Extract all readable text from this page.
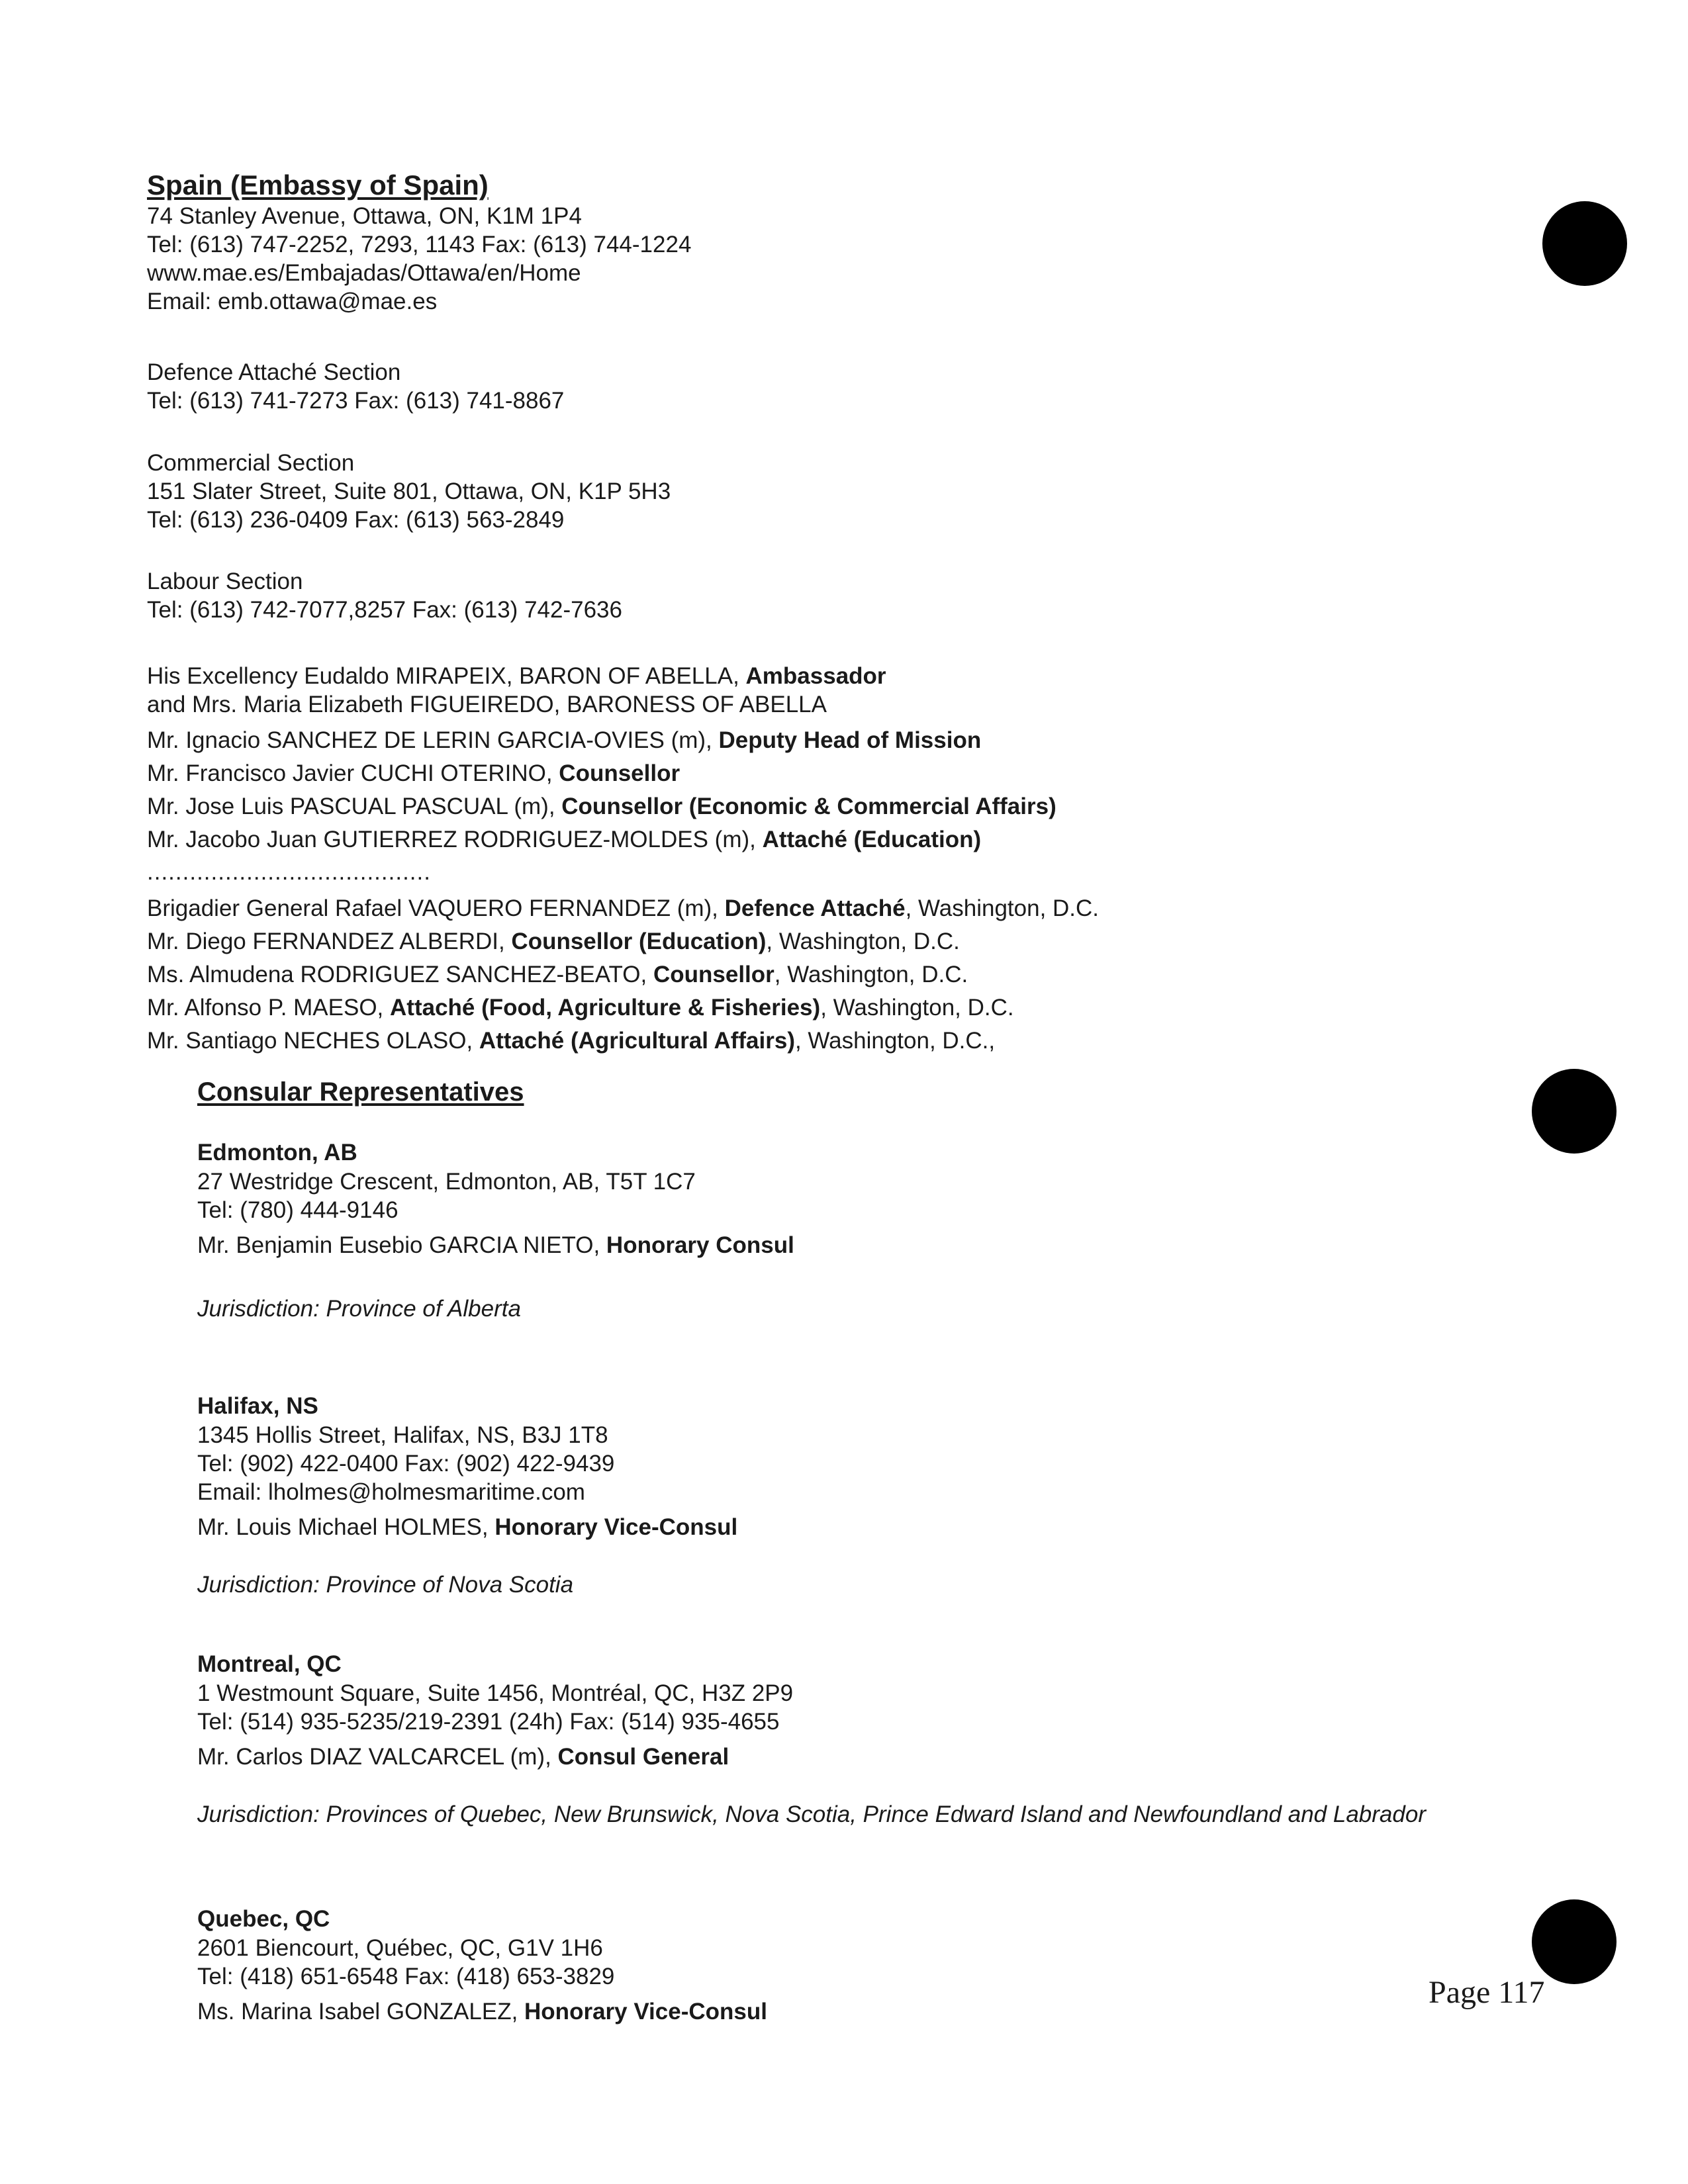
Spain (Embassy of Spain)
74 Stanley Avenue, Ottawa, ON, K1M 1P4
Tel: (613) 747-2252, 7293, 1143 Fax: (613) 744-1224
www.mae.es/Embajadas/Ottawa/en/Home
Email: emb.ottawa@mae.es
Defence Attaché Section
Tel: (613) 741-7273 Fax: (613) 741-8867
Commercial Section
151 Slater Street, Suite 801, Ottawa, ON, K1P 5H3
Tel: (613) 236-0409 Fax: (613) 563-2849
Labour Section
Tel: (613) 742-7077,8257 Fax: (613) 742-7636
His Excellency Eudaldo MIRAPEIX, BARON OF ABELLA, Ambassador
and Mrs. Maria Elizabeth FIGUEIREDO, BARONESS OF ABELLA
Mr. Ignacio SANCHEZ DE LERIN GARCIA-OVIES (m), Deputy Head of Mission
Mr. Francisco Javier CUCHI OTERINO, Counsellor
Mr. Jose Luis PASCUAL PASCUAL (m), Counsellor (Economic & Commercial Affairs)
Mr. Jacobo Juan GUTIERREZ RODRIGUEZ-MOLDES (m), Attaché (Education)
........................................
Brigadier General Rafael VAQUERO FERNANDEZ (m), Defence Attaché, Washington, D.C.
Mr. Diego FERNANDEZ ALBERDI, Counsellor (Education), Washington, D.C.
Ms. Almudena RODRIGUEZ SANCHEZ-BEATO, Counsellor, Washington, D.C.
Mr. Alfonso P. MAESO, Attaché (Food, Agriculture & Fisheries), Washington, D.C.
Mr. Santiago NECHES OLASO, Attaché (Agricultural Affairs), Washington, D.C.,
Consular Representatives
Edmonton, AB
27 Westridge Crescent, Edmonton, AB, T5T 1C7
Tel: (780) 444-9146
Mr. Benjamin Eusebio GARCIA NIETO, Honorary Consul
Jurisdiction: Province of Alberta
Halifax, NS
1345 Hollis Street, Halifax, NS, B3J 1T8
Tel: (902) 422-0400 Fax: (902) 422-9439
Email: lholmes@holmesmaritime.com
Mr. Louis Michael HOLMES, Honorary Vice-Consul
Jurisdiction: Province of Nova Scotia
Montreal, QC
1 Westmount Square, Suite 1456, Montréal, QC, H3Z 2P9
Tel: (514) 935-5235/219-2391 (24h) Fax: (514) 935-4655
Mr. Carlos DIAZ VALCARCEL (m), Consul General
Jurisdiction: Provinces of Quebec, New Brunswick, Nova Scotia, Prince Edward Island and Newfoundland and Labrador
Quebec, QC
2601 Biencourt, Québec, QC, G1V 1H6
Tel: (418) 651-6548 Fax: (418) 653-3829
Ms. Marina Isabel GONZALEZ, Honorary Vice-Consul
Page 117
